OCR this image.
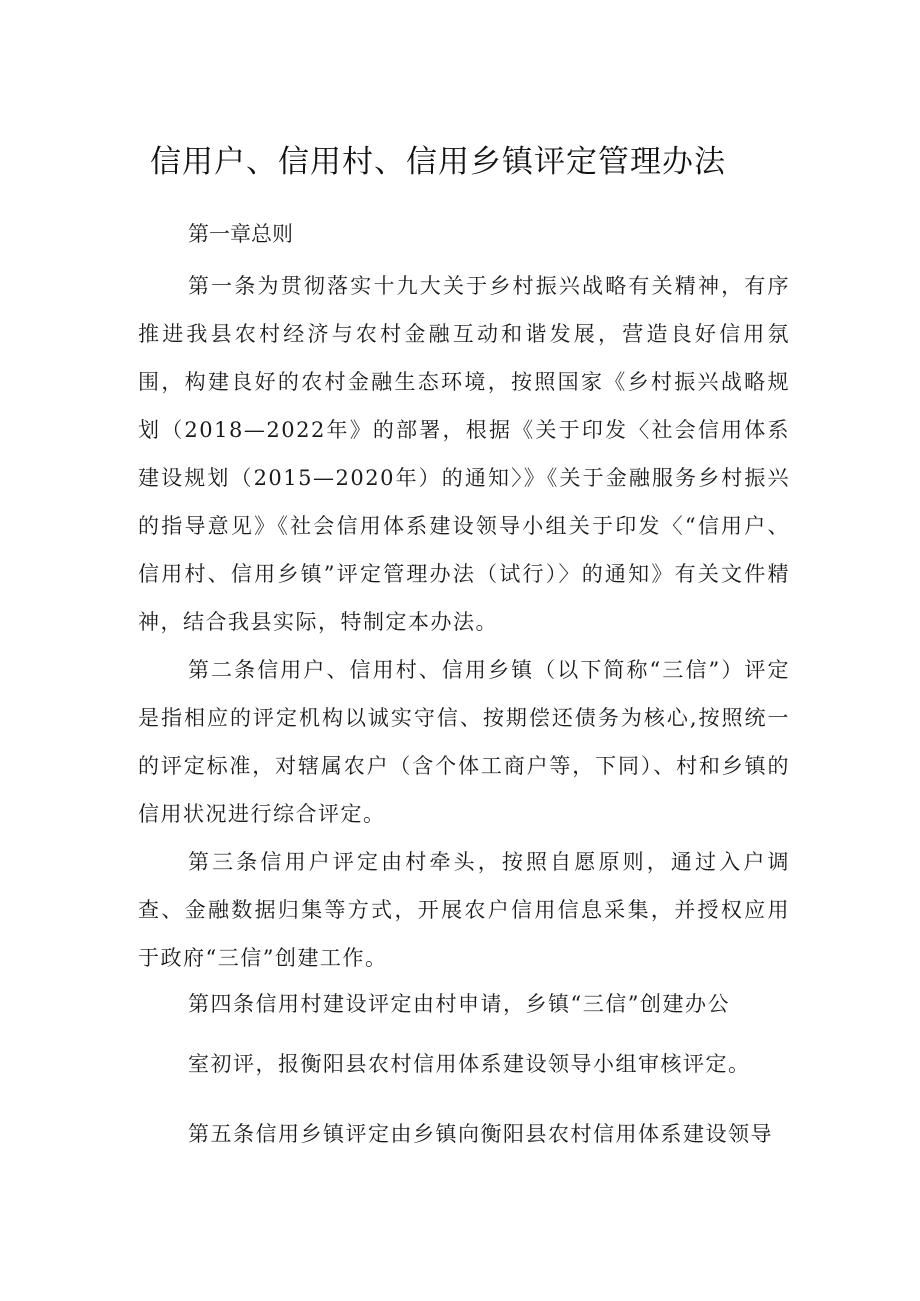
信用户、信用村、信用乡镇评定管理办法
第一章总则
第一条为贯彻落实十九大关于乡村振兴战略有关精神，有序推进我县农村经济与农村金融互动和谐发展，营造良好信用氛围，构建良好的农村金融生态环境，按照国家《乡村振兴战略规划（2018—2022年》的部署，根据《关于印发〈社会信用体系建设规划（2015—2020年）的通知〉》《关于金融服务乡村振兴的指导意见》《社会信用体系建设领导小组关于印发〈“信用户、信用村、信用乡镇”评定管理办法（试行）〉的通知》有关文件精神，结合我县实际，特制定本办法。
第二条信用户、信用村、信用乡镇（以下简称“三信”）评定是指相应的评定机构以诚实守信、按期偿还债务为核心,按照统一的评定标准，对辖属农户（含个体工商户等，下同）、村和乡镇的信用状况进行综合评定。
第三条信用户评定由村牵头，按照自愿原则，通过入户调查、金融数据归集等方式，开展农户信用信息采集，并授权应用于政府“三信”创建工作。
第四条信用村建设评定由村申请，乡镇“三信”创建办公
室初评，报衡阳县农村信用体系建设领导小组审核评定。
第五条信用乡镇评定由乡镇向衡阳县农村信用体系建设领导
